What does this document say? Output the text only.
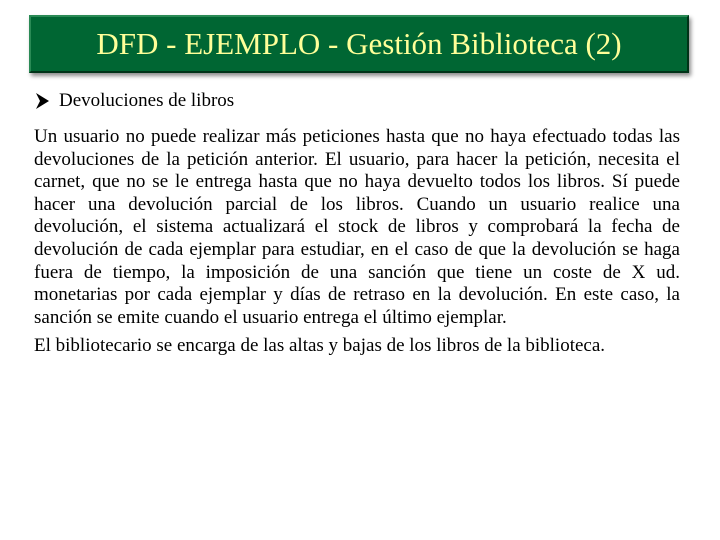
DFD - EJEMPLO - Gestión Biblioteca (2)
Devoluciones de libros

Un usuario no puede realizar más peticiones hasta que no haya efectuado todas las devoluciones de la petición anterior. El usuario, para hacer la petición, necesita el carnet, que no se le entrega hasta que no haya devuelto todos los libros. Sí puede hacer una devolución parcial de los libros. Cuando un usuario realice una devolución, el sistema actualizará el stock de libros y comprobará la fecha de devolución de cada ejemplar para estudiar, en el caso de que la devolución se haga fuera de tiempo, la imposición de una sanción que tiene un coste de X ud. monetarias por cada ejemplar y días de retraso en la devolución. En este caso, la sanción se emite cuando el usuario entrega el último ejemplar.

El bibliotecario se encarga de las altas y bajas de los libros de la biblioteca.
